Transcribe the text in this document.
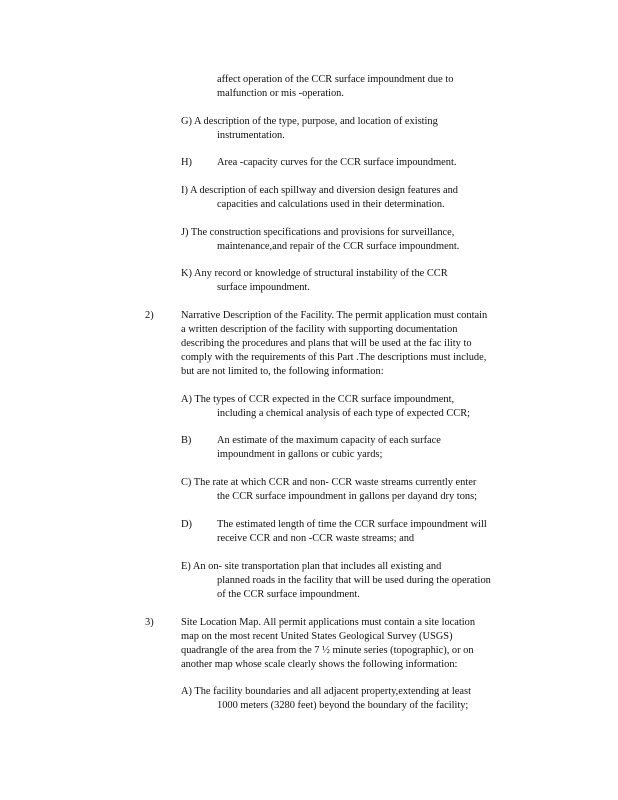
affect operation of the CCR surface impoundment due to
malfunction or mis -operation.
G) A description of the type, purpose, and location of existing
instrumentation.
H) Area -capacity curves for the CCR surface impoundment.
I) A description of each spillway and diversion design features and
capacities and calculations used in their determination.
J) The construction specifications and provisions for surveillance,
maintenance,and repair of the CCR surface impoundment.
K) Any record or knowledge of structural instability of the CCR
surface impoundment.
2)	Narrative Description of the Facility. The permit application must contain
a written description of the facility with supporting documentation
describing the procedures and plans that will be used at the fac ility to
comply with the requirements of this Part .The descriptions must include,
but are not limited to, the following information:
A) The types of CCR expected in the CCR surface impoundment,
including a chemical analysis of each type of expected CCR;
B) An estimate of the maximum capacity of each surface
impoundment in gallons or cubic yards;
C) The rate at which CCR and non- CCR waste streams currently enter
the CCR surface impoundment in gallons per dayand dry tons;
D) The estimated length of time the CCR surface impoundment will
receive CCR and non -CCR waste streams; and
E) An on- site transportation plan that includes all existing and
planned roads in the facility that will be used during the operation
of the CCR surface impoundment.
3)	Site Location Map. All permit applications must contain a site location
map on the most recent United States Geological Survey (USGS)
quadrangle of the area from the 7 ½ minute series (topographic), or on
another map whose scale clearly shows the following information:
A) The facility boundaries and all adjacent property,extending at least
1000 meters (3280 feet) beyond the boundary of the facility;
